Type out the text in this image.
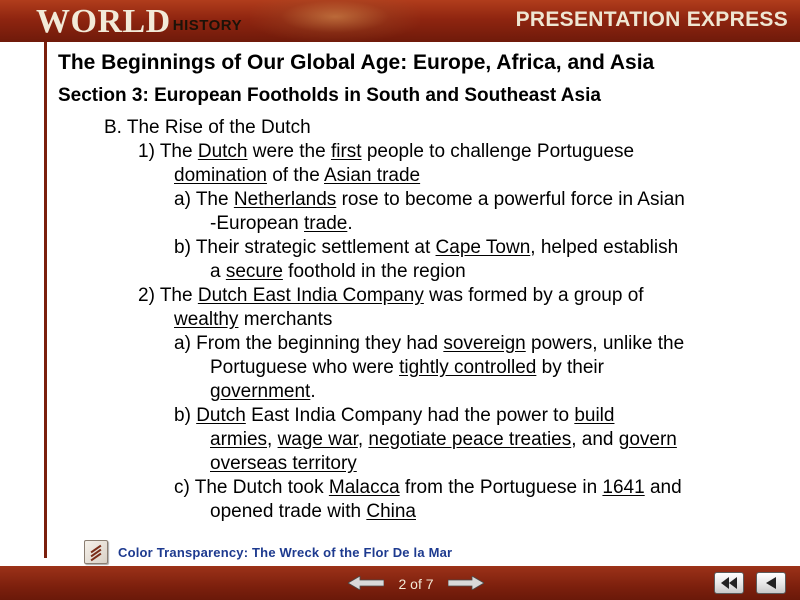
WORLD HISTORY	PRESENTATION EXPRESS
The Beginnings of Our Global Age: Europe, Africa, and Asia
Section 3: European Footholds in South and Southeast Asia
B. The Rise of the Dutch
1) The Dutch were the first people to challenge Portuguese
domination of the Asian trade
a) The Netherlands rose to become a powerful force in Asian
-European trade.
b) Their strategic settlement at Cape Town, helped establish
a secure foothold in the region
2) The Dutch East India Company was formed by a group of
wealthy merchants
a) From the beginning they had sovereign powers, unlike the
Portuguese who were tightly controlled by their
government.
b) Dutch East India Company had the power to build
armies, wage war, negotiate peace treaties, and govern
overseas territory
c) The Dutch took Malacca from the Portuguese in 1641 and
opened trade with China
Color Transparency: The Wreck of the Flor De la Mar
2 of 7
